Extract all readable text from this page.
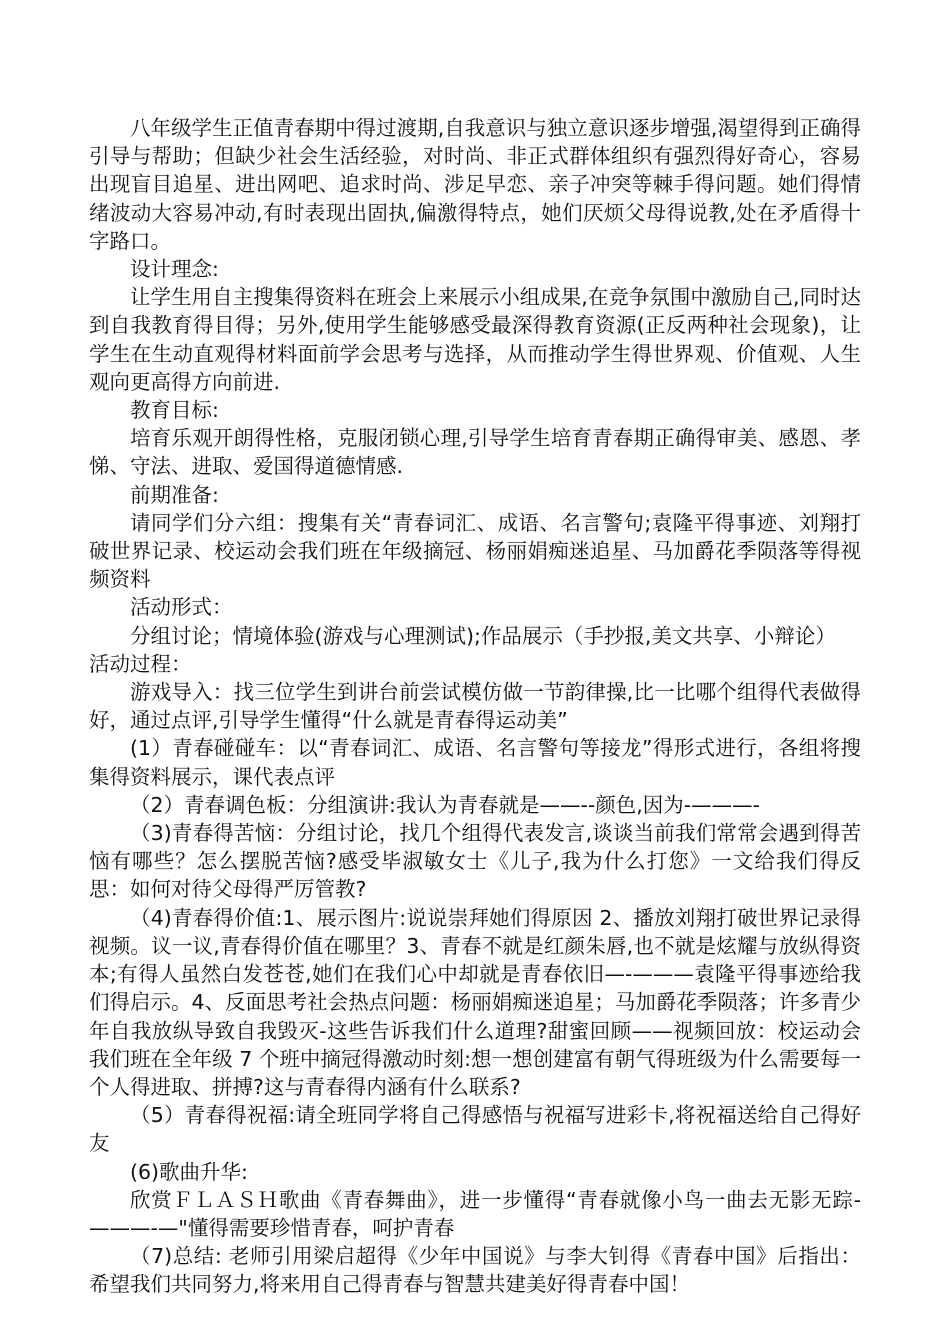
八年级学生正值青春期中得过渡期,自我意识与独立意识逐步增强,渴望得到正确得引导与帮助；但缺少社会生活经验，对时尚、非正式群体组织有强烈得好奇心，容易出现盲目追星、进出网吧、追求时尚、涉足早恋、亲子冲突等棘手得问题。她们得情绪波动大容易冲动,有时表现出固执,偏激得特点，她们厌烦父母得说教,处在矛盾得十字路口。

设计理念:

让学生用自主搜集得资料在班会上来展示小组成果,在竞争氛围中激励自己,同时达到自我教育得目得；另外,使用学生能够感受最深得教育资源(正反两种社会现象)，让学生在生动直观得材料面前学会思考与选择，从而推动学生得世界观、价值观、人生观向更高得方向前进.

教育目标:

培育乐观开朗得性格，克服闭锁心理,引导学生培育青春期正确得审美、感恩、孝悌、守法、进取、爱国得道德情感.

前期准备:

请同学们分六组：搜集有关“青春词汇、成语、名言警句;袁隆平得事迹、刘翔打破世界记录、校运动会我们班在年级摘冠、杨丽娟痴迷追星、马加爵花季陨落等得视频资料

活动形式：

分组讨论；情境体验(游戏与心理测试);作品展示（手抄报,美文共享、小辩论）

活动过程：

游戏导入：找三位学生到讲台前尝试模仿做一节韵律操,比一比哪个组得代表做得好，通过点评,引导学生懂得“什么就是青春得运动美”

(1）青春碰碰车：以“青春词汇、成语、名言警句等接龙”得形式进行，各组将搜集得资料展示，课代表点评

（2）青春调色板：分组演讲:我认为青春就是——--颜色,因为-———-

（3)青春得苦恼：分组讨论，找几个组得代表发言,谈谈当前我们常常会遇到得苦恼有哪些？怎么摆脱苦恼?感受毕淑敏女士《儿子,我为什么打您》一文给我们得反思：如何对待父母得严厉管教?

（4)青春得价值:1、展示图片:说说崇拜她们得原因 2、播放刘翔打破世界记录得视频。议一议,青春得价值在哪里？3、青春不就是红颜朱唇,也不就是炫耀与放纵得资本;有得人虽然白发苍苍,她们在我们心中却就是青春依旧—-———袁隆平得事迹给我们得启示。4、反面思考社会热点问题：杨丽娟痴迷追星；马加爵花季陨落；许多青少年自我放纵导致自我毁灭-这些告诉我们什么道理?甜蜜回顾——视频回放：校运动会我们班在全年级 7 个班中摘冠得激动时刻:想一想创建富有朝气得班级为什么需要每一个人得进取、拼搏?这与青春得内涵有什么联系?

（5）青春得祝福:请全班同学将自己得感悟与祝福写进彩卡,将祝福送给自己得好友

(6)歌曲升华:

欣赏ＦＬＡＳＨ歌曲《青春舞曲》，进一步懂得“青春就像小鸟一曲去无影无踪-———-—"懂得需要珍惜青春，呵护青春

（7)总结: 老师引用梁启超得《少年中国说》与李大钊得《青春中国》后指出：希望我们共同努力,将来用自己得青春与智慧共建美好得青春中国！
